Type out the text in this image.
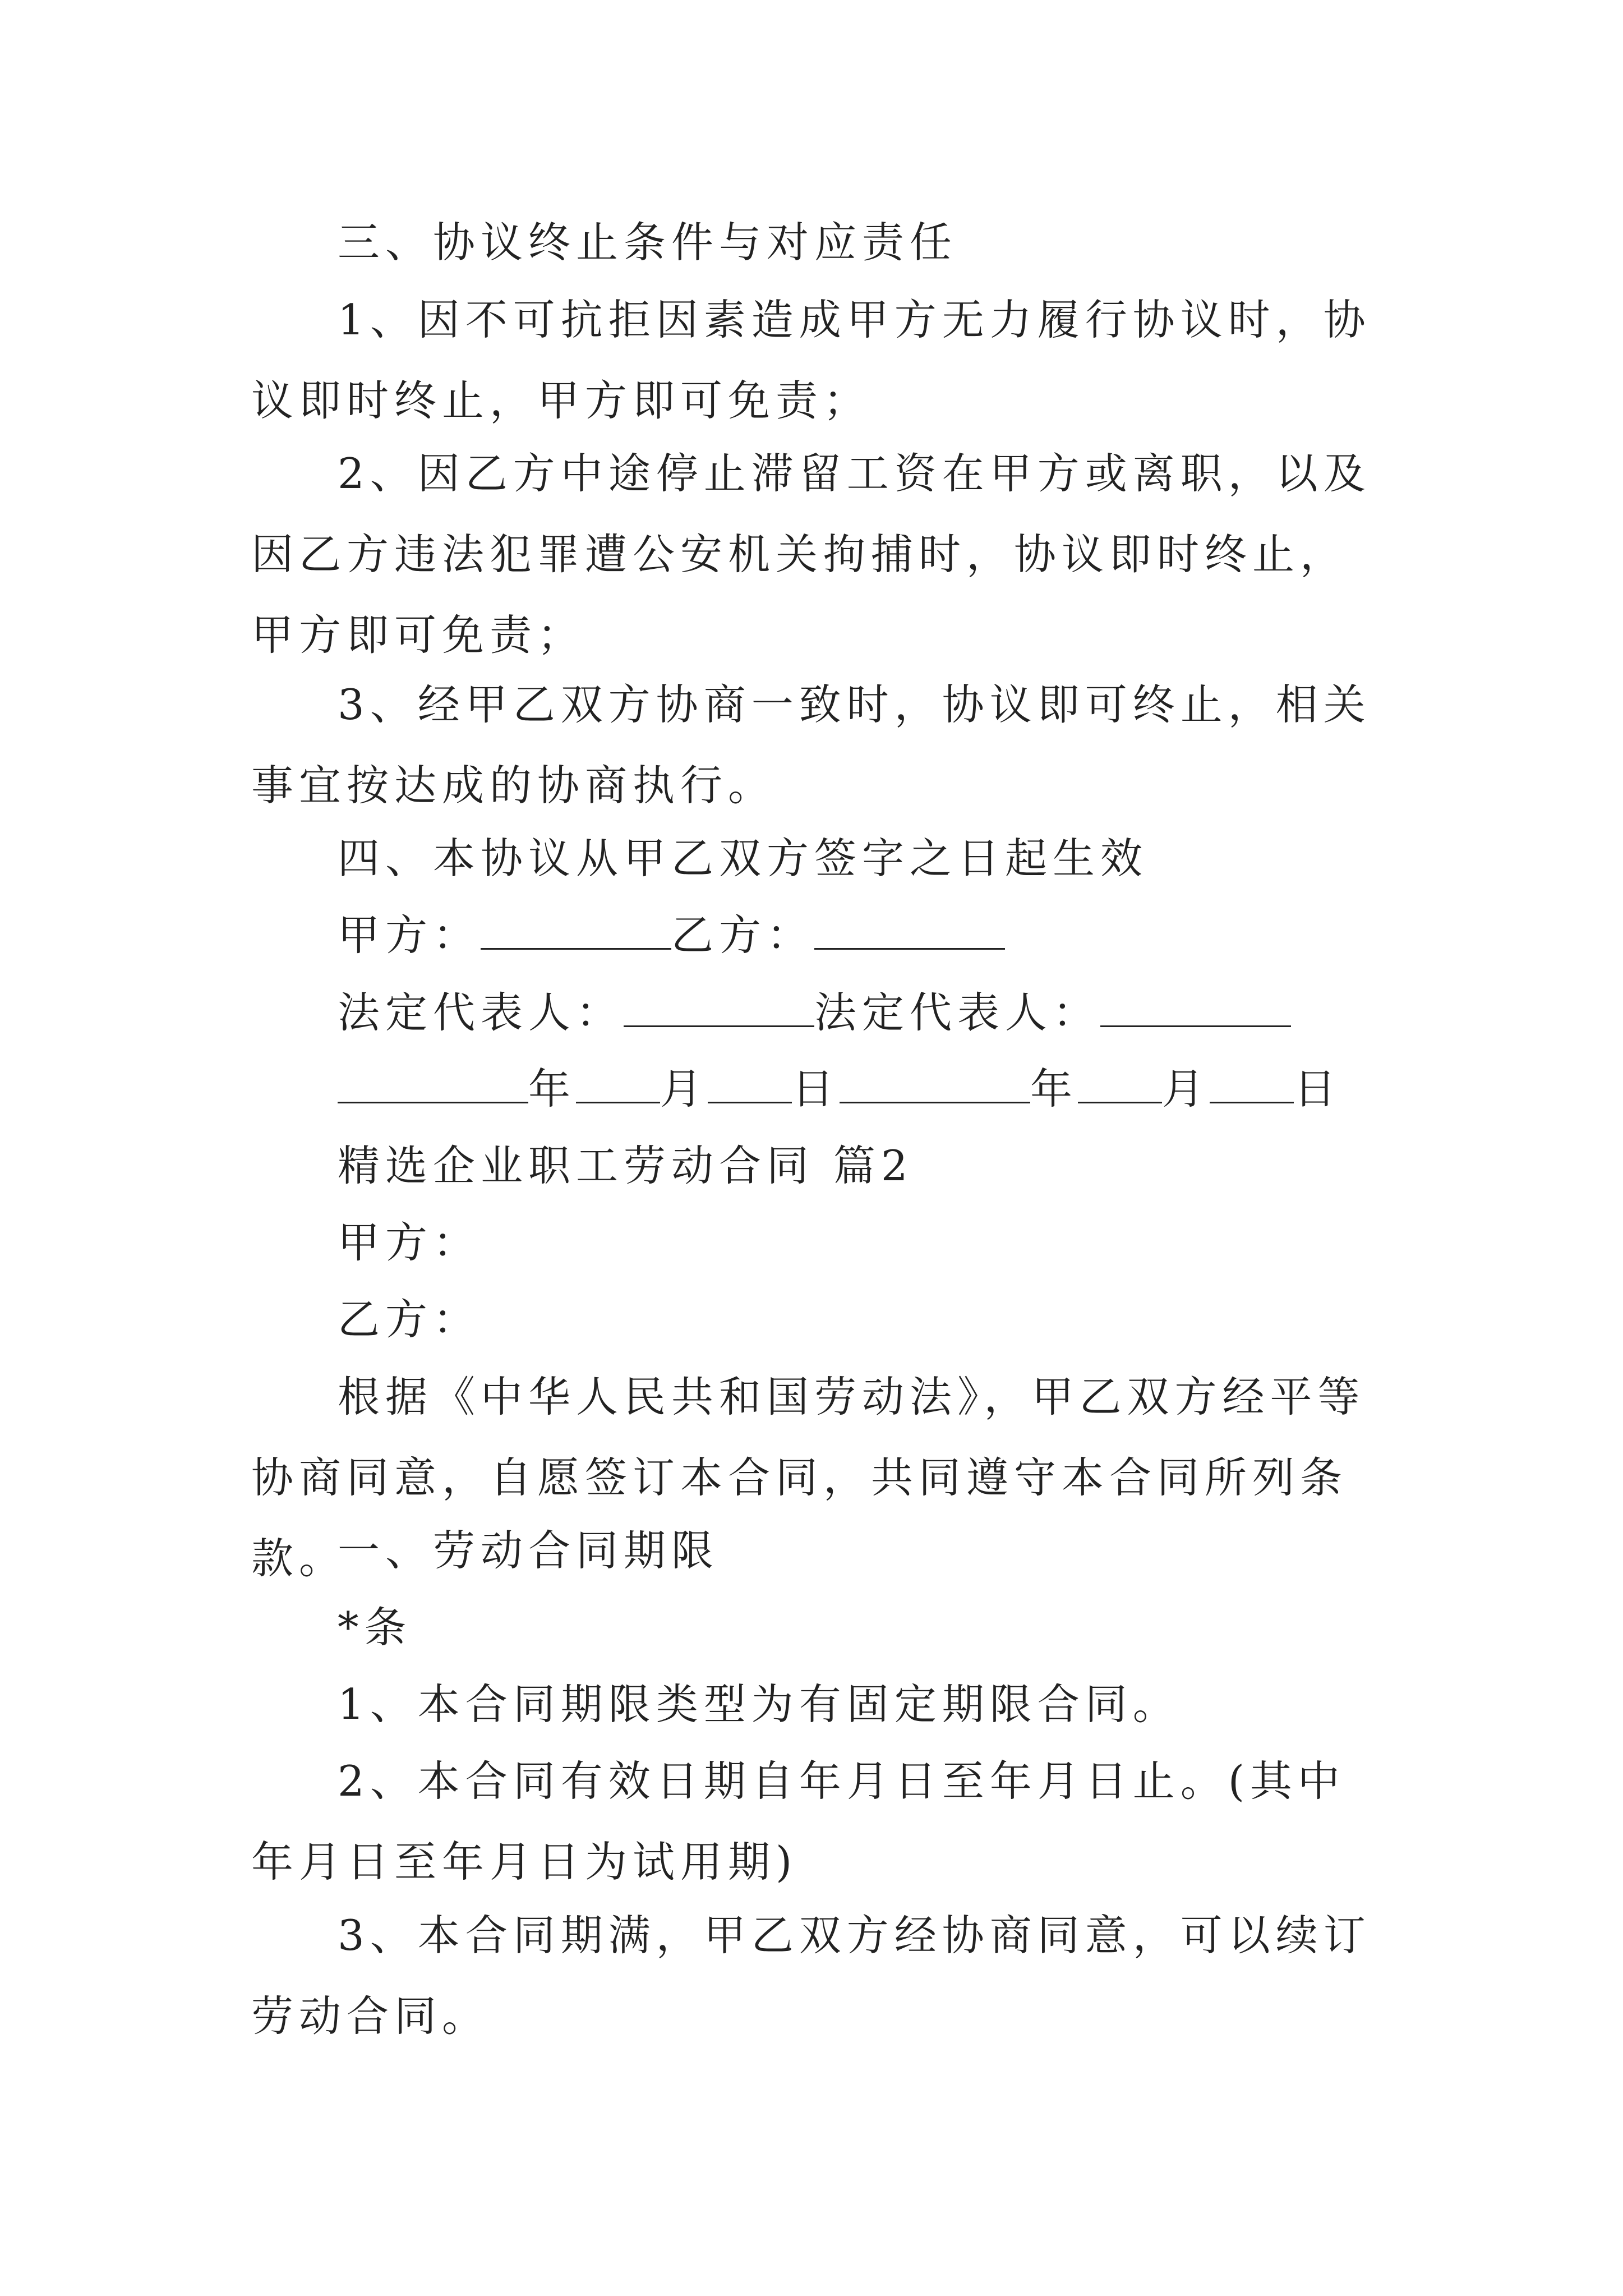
三、协议终止条件与对应责任

1、因不可抗拒因素造成甲方无力履行协议时，协议即时终止，甲方即可免责；

2、因乙方中途停止滞留工资在甲方或离职，以及因乙方违法犯罪遭公安机关拘捕时，协议即时终止，甲方即可免责；

3、经甲乙双方协商一致时，协议即可终止，相关事宜按达成的协商执行。

四、本协议从甲乙双方签字之日起生效

甲方：	乙方：
法定代表人：	法定代表人：
年 月 日	年 月 日

精选企业职工劳动合同 篇2

甲方：

乙方：

根据《中华人民共和国劳动法》，甲乙双方经平等协商同意，自愿签订本合同，共同遵守本合同所列条款。

一、劳动合同期限

*条

1、本合同期限类型为有固定期限合同。

2、本合同有效日期自年月日至年月日止。(其中年月日至年月日为试用期)

3、本合同期满，甲乙双方经协商同意，可以续订劳动合同。
